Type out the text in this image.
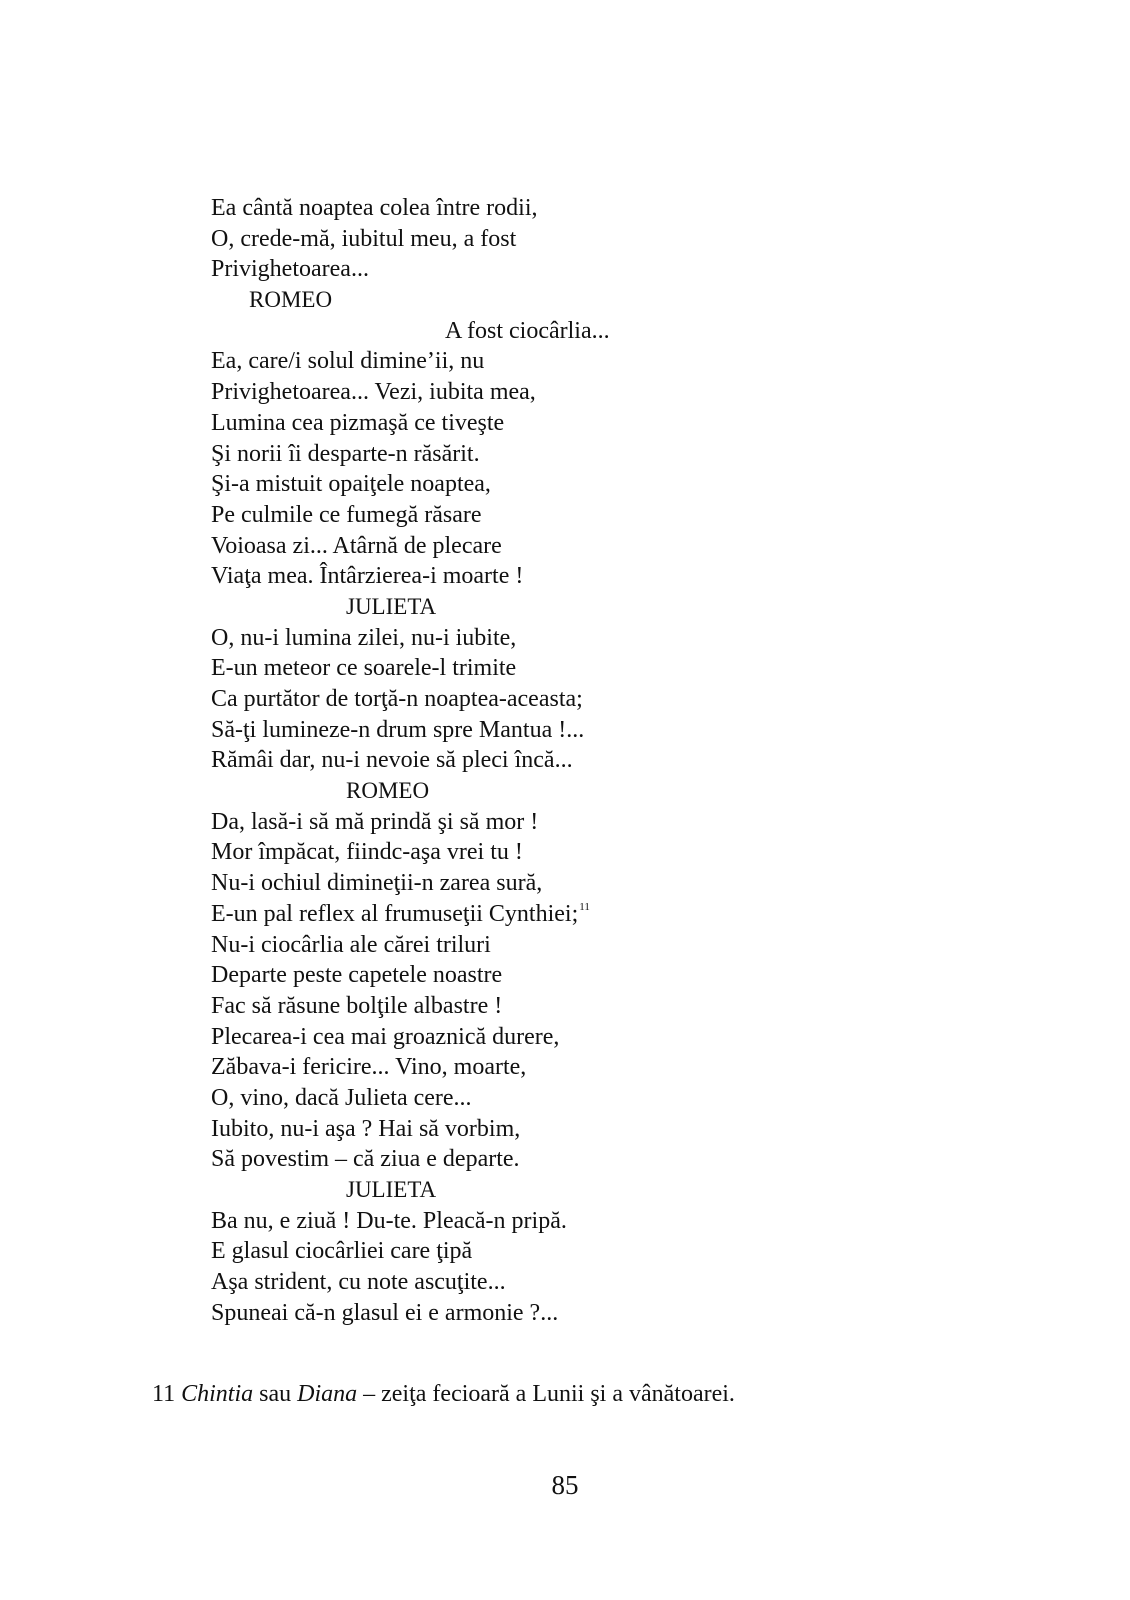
Ea cântă noaptea colea între rodii,
O, crede-mă, iubitul meu, a fost
Privighetoarea...
ROMEO
A fost ciocârlia...
Ea, care/i solul dimine’ii, nu
Privighetoarea... Vezi, iubita mea,
Lumina cea pizmaşă ce tiveşte
Şi norii îi desparte-n răsărit.
Şi-a mistuit opaiţele noaptea,
Pe culmile ce fumegă răsare
Voioasa zi... Atârnă de plecare
Viaţa mea. Întârzierea-i moarte !
JULIETA
O, nu-i lumina zilei, nu-i iubite,
E-un meteor ce soarele-l trimite
Ca purtător de torţă-n noaptea-aceasta;
Să-ţi lumineze-n drum spre Mantua !...
Rămâi dar, nu-i nevoie să pleci încă...
ROMEO
Da, lasă-i să mă prindă şi să mor !
Mor împăcat, fiindc-aşa vrei tu !
Nu-i ochiul dimineţii-n zarea sură,
E-un pal reflex al frumuseţii Cynthiei;$^{11}$
Nu-i ciocârlia ale cărei triluri
Departe peste capetele noastre
Fac să răsune bolţile albastre !
Plecarea-i cea mai groaznică durere,
Zăbava-i fericire... Vino, moarte,
O, vino, dacă Julieta cere...
Iubito, nu-i aşa ? Hai să vorbim,
Să povestim – că ziua e departe.
JULIETA
Ba nu, e ziuă ! Du-te. Pleacă-n pripă.
E glasul ciocârliei care ţipă
Aşa strident, cu note ascuţite...
Spuneai că-n glasul ei e armonie ?...
11 Chintia sau Diana – zeiţa fecioară a Lunii şi a vânătoarei.
85
